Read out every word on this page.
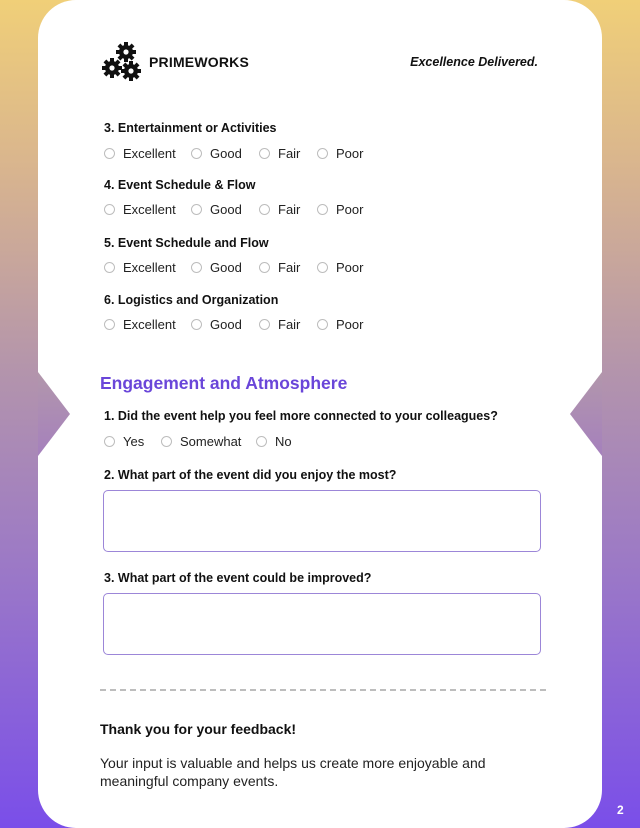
PRIMEWORKS	Excellence Delivered.
3. Entertainment or Activities
Excellent	Good	Fair	Poor
4. Event Schedule & Flow
Excellent	Good	Fair	Poor
5. Event Schedule and Flow
Excellent	Good	Fair	Poor
6. Logistics and Organization
Excellent	Good	Fair	Poor
Engagement and Atmosphere
1. Did the event help you feel more connected to your colleagues?
Yes	Somewhat	No
2. What part of the event did you enjoy the most?
3. What part of the event could be improved?
Thank you for your feedback!
Your input is valuable and helps us create more enjoyable and meaningful company events.
2
